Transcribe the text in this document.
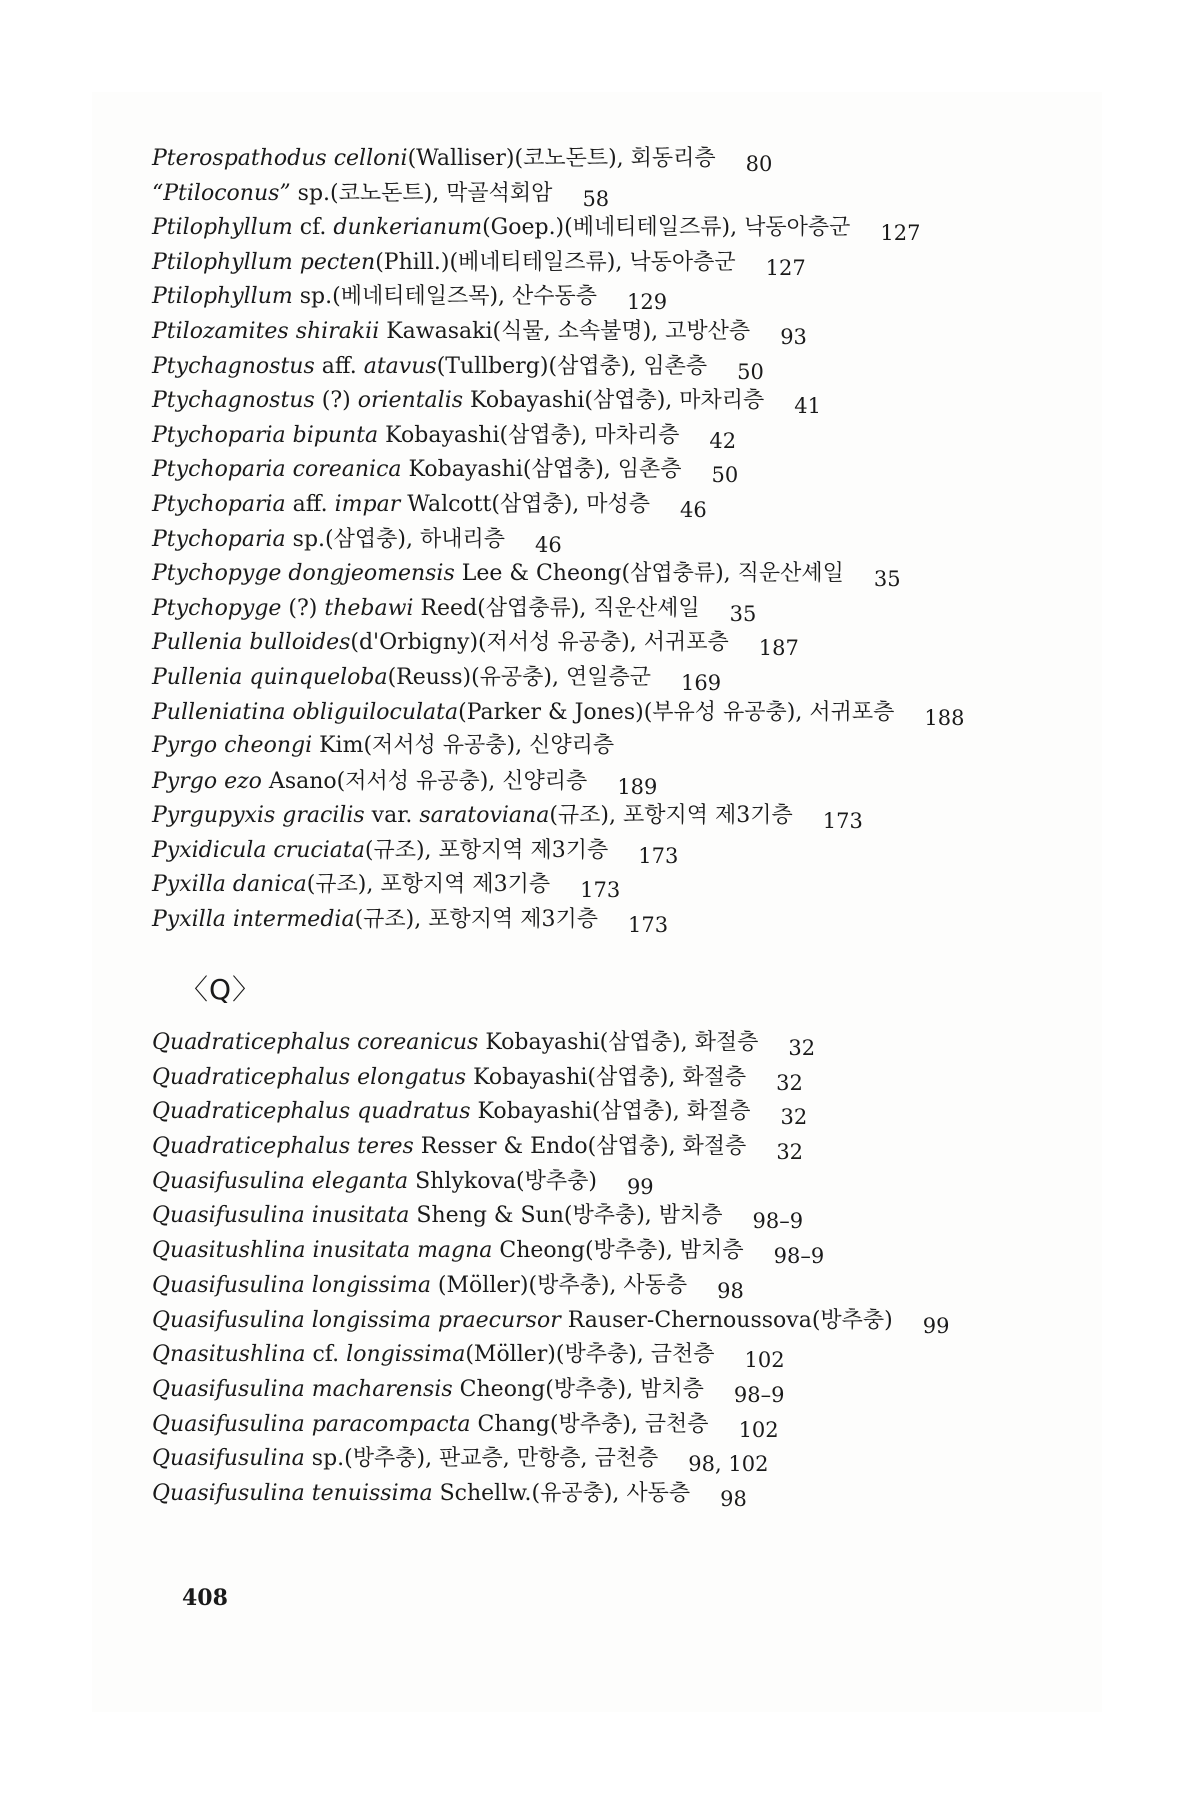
Pterospathodus celloni(Walliser)(코노돈트), 회동리층 80
“Ptiloconus” sp.(코노돈트), 막골석회암 58
Ptilophyllum cf. dunkerianum(Goep.)(베네티테일즈류), 낙동아층군 127
Ptilophyllum pecten(Phill.)(베네티테일즈류), 낙동아층군 127
Ptilophyllum sp.(베네티테일즈목), 산수동층 129
Ptilozamites shirakii Kawasaki(식물, 소속불명), 고방산층 93
Ptychagnostus aff. atavus(Tullberg)(삼엽충), 임촌층 50
Ptychagnostus (?) orientalis Kobayashi(삼엽충), 마차리층 41
Ptychoparia bipunta Kobayashi(삼엽충), 마차리층 42
Ptychoparia coreanica Kobayashi(삼엽충), 임촌층 50
Ptychoparia aff. impar Walcott(삼엽충), 마성층 46
Ptychoparia sp.(삼엽충), 하내리층 46
Ptychopyge dongjeomensis Lee & Cheong(삼엽충류), 직운산셰일 35
Ptychopyge (?) thebawi Reed(삼엽충류), 직운산셰일 35
Pullenia bulloides(d'Orbigny)(저서성 유공충), 서귀포층 187
Pullenia quinqueloba(Reuss)(유공충), 연일층군 169
Pulleniatina obliguiloculata(Parker & Jones)(부유성 유공충), 서귀포층 188
Pyrgo cheongi Kim(저서성 유공충), 신양리층
Pyrgo ezo Asano(저서성 유공충), 신양리층 189
Pyrgupyxis gracilis var. saratoviana(규조), 포항지역 제3기층 173
Pyxidicula cruciata(규조), 포항지역 제3기층 173
Pyxilla danica(규조), 포항지역 제3기층 173
Pyxilla intermedia(규조), 포항지역 제3기층 173
〈Q〉
Quadraticephalus coreanicus Kobayashi(삼엽충), 화절층 32
Quadraticephalus elongatus Kobayashi(삼엽충), 화절층 32
Quadraticephalus quadratus Kobayashi(삼엽충), 화절층 32
Quadraticephalus teres Resser & Endo(삼엽충), 화절층 32
Quasifusulina eleganta Shlykova(방추충) 99
Quasifusulina inusitata Sheng & Sun(방추충), 밤치층 98–9
Quasitushlina inusitata magna Cheong(방추충), 밤치층 98–9
Quasifusulina longissima (Möller)(방추충), 사동층 98
Quasifusulina longissima praecursor Rauser-Chernoussova(방추충) 99
Qnasitushlina cf. longissima(Möller)(방추충), 금천층 102
Quasifusulina macharensis Cheong(방추충), 밤치층 98–9
Quasifusulina paracompacta Chang(방추충), 금천층 102
Quasifusulina sp.(방추충), 판교층, 만항층, 금천층 98, 102
Quasifusulina tenuissima Schellw.(유공충), 사동층 98
408
